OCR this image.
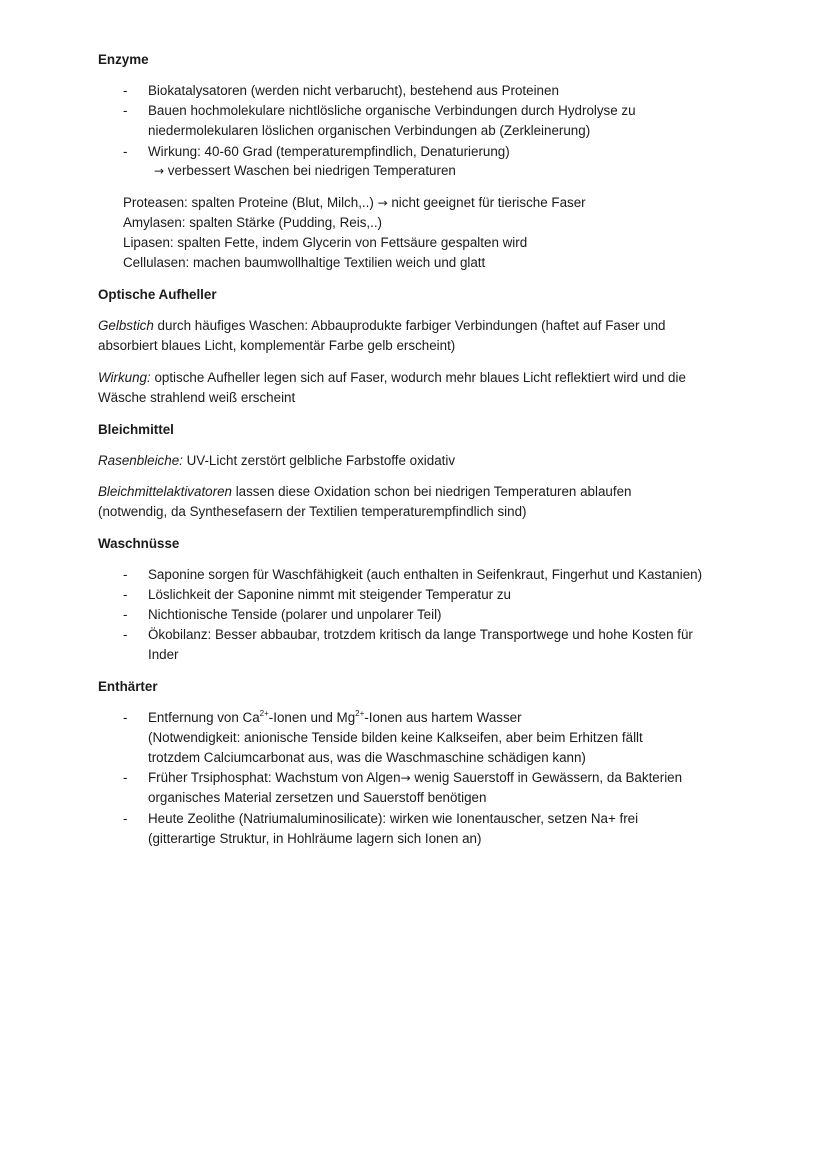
Enzyme
- Biokatalysatoren (werden nicht verbarucht), bestehend aus Proteinen
- Bauen hochmolekulare nichtlösliche organische Verbindungen durch Hydrolyse zu
niedermolekularen löslichen organischen Verbindungen ab (Zerkleinerung)
- Wirkung: 40-60 Grad (temperaturempfindlich, Denaturierung)
→ verbessert Waschen bei niedrigen Temperaturen
Proteasen: spalten Proteine (Blut, Milch,..) → nicht geeignet für tierische Faser
Amylasen: spalten Stärke (Pudding, Reis,..)
Lipasen: spalten Fette, indem Glycerin von Fettsäure gespalten wird
Cellulasen: machen baumwollhaltige Textilien weich und glatt
Optische Aufheller
Gelbstich durch häufiges Waschen: Abbauprodukte farbiger Verbindungen (haftet auf Faser und
absorbiert blaues Licht, komplementär Farbe gelb erscheint)
Wirkung: optische Aufheller legen sich auf Faser, wodurch mehr blaues Licht reflektiert wird und die
Wäsche strahlend weiß erscheint
Bleichmittel
Rasenbleiche: UV-Licht zerstört gelbliche Farbstoffe oxidativ
Bleichmittelaktivatoren lassen diese Oxidation schon bei niedrigen Temperaturen ablaufen
(notwendig, da Synthesefasern der Textilien temperaturempfindlich sind)
Waschnüsse
- Saponine sorgen für Waschfähigkeit (auch enthalten in Seifenkraut, Fingerhut und Kastanien)
- Löslichkeit der Saponine nimmt mit steigender Temperatur zu
- Nichtionische Tenside (polarer und unpolarer Teil)
- Ökobilanz: Besser abbaubar, trotzdem kritisch da lange Transportwege und hohe Kosten für
Inder
Enthärter
- Entfernung von $Ca^{2+}$-Ionen und $Mg^{2+}$-Ionen aus hartem Wasser
(Notwendigkeit: anionische Tenside bilden keine Kalkseifen, aber beim Erhitzen fällt
trotzdem Calciumcarbonat aus, was die Waschmaschine schädigen kann)
- Früher Trsiphosphat: Wachstum von Algen→ wenig Sauerstoff in Gewässern, da Bakterien
organisches Material zersetzen und Sauerstoff benötigen
- Heute Zeolithe (Natriumaluminosilicate): wirken wie Ionentauscher, setzen Na+ frei
(gitterartige Struktur, in Hohlräume lagern sich Ionen an)
